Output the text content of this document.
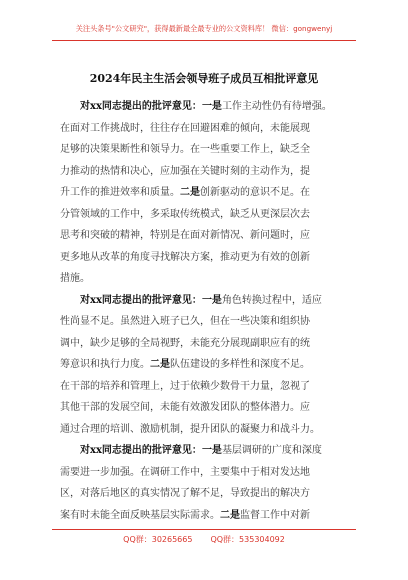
关注头条号"公文研究"，获得最新最全最专业的公文资料库！ 微信：gongwenyj
2024年民主生活会领导班子成员互相批评意见

对xx同志提出的批评意见：一是工作主动性仍有待增强。

在面对工作挑战时，往往存在回避困难的倾向，未能展现

足够的决策果断性和领导力。在一些重要工作上，缺乏全

力推动的热情和决心，应加强在关键时刻的主动作为，提

升工作的推进效率和质量。二是创新驱动的意识不足。在

分管领域的工作中，多采取传统模式，缺乏从更深层次去

思考和突破的精神，特别是在面对新情况、新问题时，应

更多地从改革的角度寻找解决方案，推动更为有效的创新

措施。

对xx同志提出的批评意见：一是角色转换过程中，适应

性尚显不足。虽然进入班子已久，但在一些决策和组织协

调中，缺少足够的全局视野，未能充分展现副职应有的统

筹意识和执行力度。二是队伍建设的多样性和深度不足。

在干部的培养和管理上，过于依赖少数骨干力量，忽视了

其他干部的发展空间，未能有效激发团队的整体潜力。应

通过合理的培训、激励机制，提升团队的凝聚力和战斗力。

对xx同志提出的批评意见：一是基层调研的广度和深度

需要进一步加强。在调研工作中，主要集中于相对发达地

区，对落后地区的真实情况了解不足，导致提出的解决方

案有时未能全面反映基层实际需求。二是监督工作中对新

QQ群：30265665 QQ群：535304092
